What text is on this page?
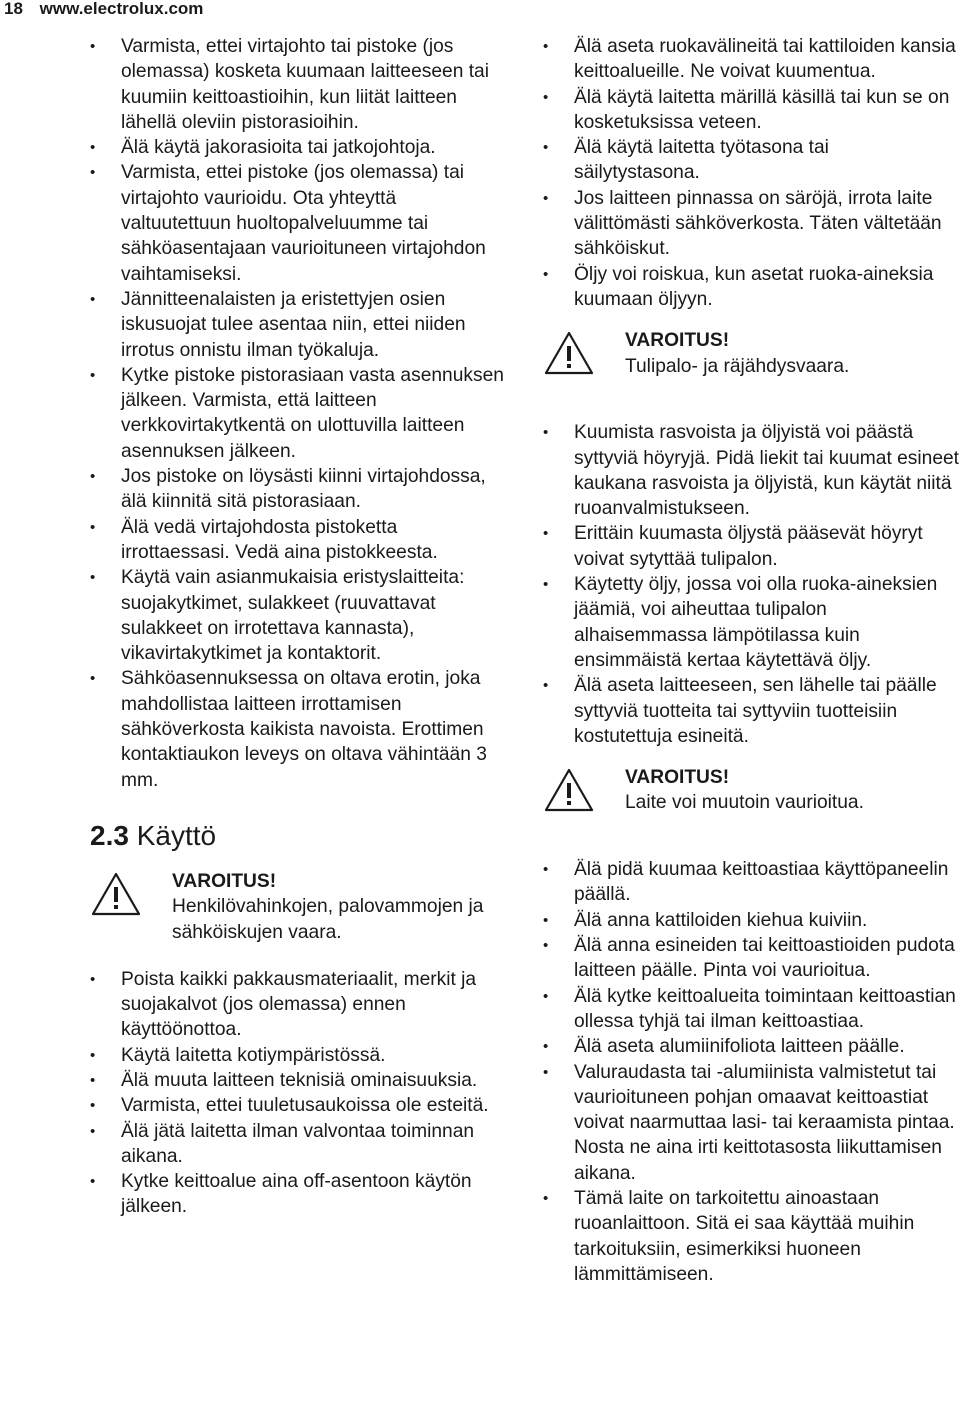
18 www.electrolux.com
• Varmista, ettei virtajohto tai pistoke (jos olemassa) kosketa kuumaan laitteeseen tai kuumiin keittoastioihin, kun liität laitteen lähellä oleviin pistorasioihin.
• Älä käytä jakorasioita tai jatkojohtoja.
• Varmista, ettei pistoke (jos olemassa) tai virtajohto vaurioidu. Ota yhteyttä valtuutettuun huoltopalveluumme tai sähköasentajaan vaurioituneen virtajohdon vaihtamiseksi.
• Jännitteenalaisten ja eristettyjen osien iskusuojat tulee asentaa niin, ettei niiden irrotus onnistu ilman työkaluja.
• Kytke pistoke pistorasiaan vasta asennuksen jälkeen. Varmista, että laitteen verkkovirtakytkentä on ulottuvilla laitteen asennuksen jälkeen.
• Jos pistoke on löysästi kiinni virtajohdossa, älä kiinnitä sitä pistorasiaan.
• Älä vedä virtajohdosta pistoketta irrottaessasi. Vedä aina pistokkeesta.
• Käytä vain asianmukaisia eristyslaitteita: suojakytkimet, sulakkeet (ruuvattavat sulakkeet on irrotettava kannasta), vikavirtakytkimet ja kontaktorit.
• Sähköasennuksessa on oltava erotin, joka mahdollistaa laitteen irrottamisen sähköverkosta kaikista navoista. Erottimen kontaktiaukon leveys on oltava vähintään 3 mm.
2.3 Käyttö
VAROITUS!
Henkilövahinkojen, palovammojen ja sähköiskujen vaara.
• Poista kaikki pakkausmateriaalit, merkit ja suojakalvot (jos olemassa) ennen käyttöönottoa.
• Käytä laitetta kotiympäristössä.
• Älä muuta laitteen teknisiä ominaisuuksia.
• Varmista, ettei tuuletusaukoissa ole esteitä.
• Älä jätä laitetta ilman valvontaa toiminnan aikana.
• Kytke keittoalue aina off-asentoon käytön jälkeen.
• Älä aseta ruokavälineitä tai kattiloiden kansia keittoalueille. Ne voivat kuumentua.
• Älä käytä laitetta märillä käsillä tai kun se on kosketuksissa veteen.
• Älä käytä laitetta työtasona tai säilytystasona.
• Jos laitteen pinnassa on säröjä, irrota laite välittömästi sähköverkosta. Täten vältetään sähköiskut.
• Öljy voi roiskua, kun asetat ruoka-aineksia kuumaan öljyyn.
VAROITUS!
Tulipalo- ja räjähdysvaara.
• Kuumista rasvoista ja öljyistä voi päästä syttyviä höyryjä. Pidä liekit tai kuumat esineet kaukana rasvoista ja öljyistä, kun käytät niitä ruoanvalmistukseen.
• Erittäin kuumasta öljystä pääsevät höyryt voivat sytyttää tulipalon.
• Käytetty öljy, jossa voi olla ruoka-aineksien jäämiä, voi aiheuttaa tulipalon alhaisemmassa lämpötilassa kuin ensimmäistä kertaa käytettävä öljy.
• Älä aseta laitteeseen, sen lähelle tai päälle syttyviä tuotteita tai syttyviin tuotteisiin kostutettuja esineitä.
VAROITUS!
Laite voi muutoin vaurioitua.
• Älä pidä kuumaa keittoastiaa käyttöpaneelin päällä.
• Älä anna kattiloiden kiehua kuiviin.
• Älä anna esineiden tai keittoastioiden pudota laitteen päälle. Pinta voi vaurioitua.
• Älä kytke keittoalueita toimintaan keittoastian ollessa tyhjä tai ilman keittoastiaa.
• Älä aseta alumiinifoliota laitteen päälle.
• Valuraudasta tai -alumiinista valmistetut tai vaurioituneen pohjan omaavat keittoastiat voivat naarmuttaa lasi- tai keraamista pintaa. Nosta ne aina irti keittotasosta liikuttamisen aikana.
• Tämä laite on tarkoitettu ainoastaan ruoanlaittoon. Sitä ei saa käyttää muihin tarkoituksiin, esimerkiksi huoneen lämmittämiseen.
